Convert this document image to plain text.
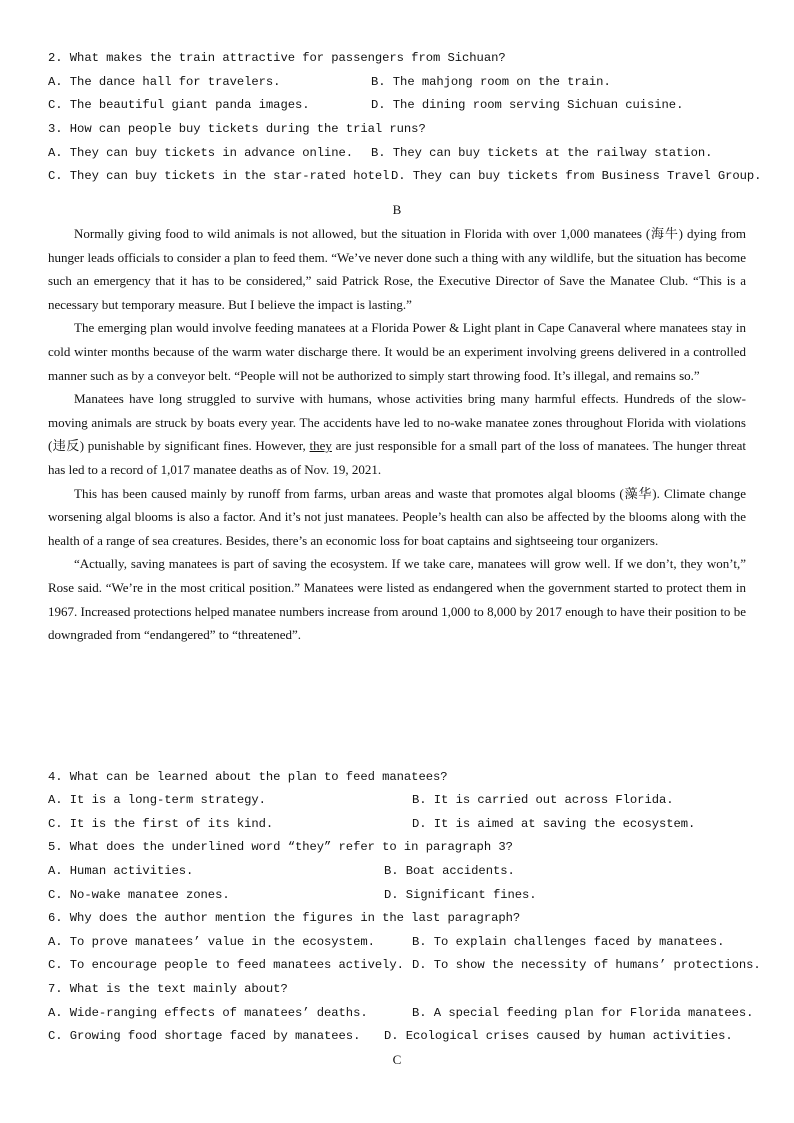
2. What makes the train attractive for passengers from Sichuan?
A. The dance hall for travelers.	B. The mahjong room on the train.
C. The beautiful giant panda images.	D. The dining room serving Sichuan cuisine.
3. How can people buy tickets during the trial runs?
A. They can buy tickets in advance online. B. They can buy tickets at the railway station.
C. They can buy tickets in the star-rated hotel D. They can buy tickets from Business Travel Group.
B

Normally giving food to wild animals is not allowed, but the situation in Florida with over 1,000 manatees (海牛) dying from hunger leads officials to consider a plan to feed them. “We’ve never done such a thing with any wildlife, but the situation has become such an emergency that it has to be considered,” said Patrick Rose, the Executive Director of Save the Manatee Club. “This is a necessary but temporary measure. But I believe the impact is lasting.”

The emerging plan would involve feeding manatees at a Florida Power & Light plant in Cape Canaveral where manatees stay in cold winter months because of the warm water discharge there. It would be an experiment involving greens delivered in a controlled manner such as by a conveyor belt. “People will not be authorized to simply start throwing food. It’s illegal, and remains so.”

Manatees have long struggled to survive with humans, whose activities bring many harmful effects. Hundreds of the slow-moving animals are struck by boats every year. The accidents have led to no-wake manatee zones throughout Florida with violations (违反) punishable by significant fines. However, they are just responsible for a small part of the loss of manatees. The hunger threat has led to a record of 1,017 manatee deaths as of Nov. 19, 2021.

This has been caused mainly by runoff from farms, urban areas and waste that promotes algal blooms (藻华). Climate change worsening algal blooms is also a factor. And it’s not just manatees. People’s health can also be affected by the blooms along with the health of a range of sea creatures. Besides, there’s an economic loss for boat captains and sightseeing tour organizers.

“Actually, saving manatees is part of saving the ecosystem. If we take care, manatees will grow well. If we don’t, they won’t,” Rose said. “We’re in the most critical position.” Manatees were listed as endangered when the government started to protect them in 1967. Increased protections helped manatee numbers increase from around 1,000 to 8,000 by 2017 enough to have their position to be downgraded from “endangered” to “threatened”.

4. What can be learned about the plan to feed manatees?
A. It is a long-term strategy.	B. It is carried out across Florida.
C. It is the first of its kind.	D. It is aimed at saving the ecosystem.
5. What does the underlined word “they” refer to in paragraph 3?
A. Human activities.	B. Boat accidents.
C. No-wake manatee zones.	D. Significant fines.
6. Why does the author mention the figures in the last paragraph?
A. To prove manatees’ value in the ecosystem.	B. To explain challenges faced by manatees.
C. To encourage people to feed manatees actively. D. To show the necessity of humans’ protections.
7. What is the text mainly about?
A. Wide-ranging effects of manatees’ deaths.	B. A special feeding plan for Florida manatees.
C. Growing food shortage faced by manatees. D. Ecological crises caused by human activities.
C
